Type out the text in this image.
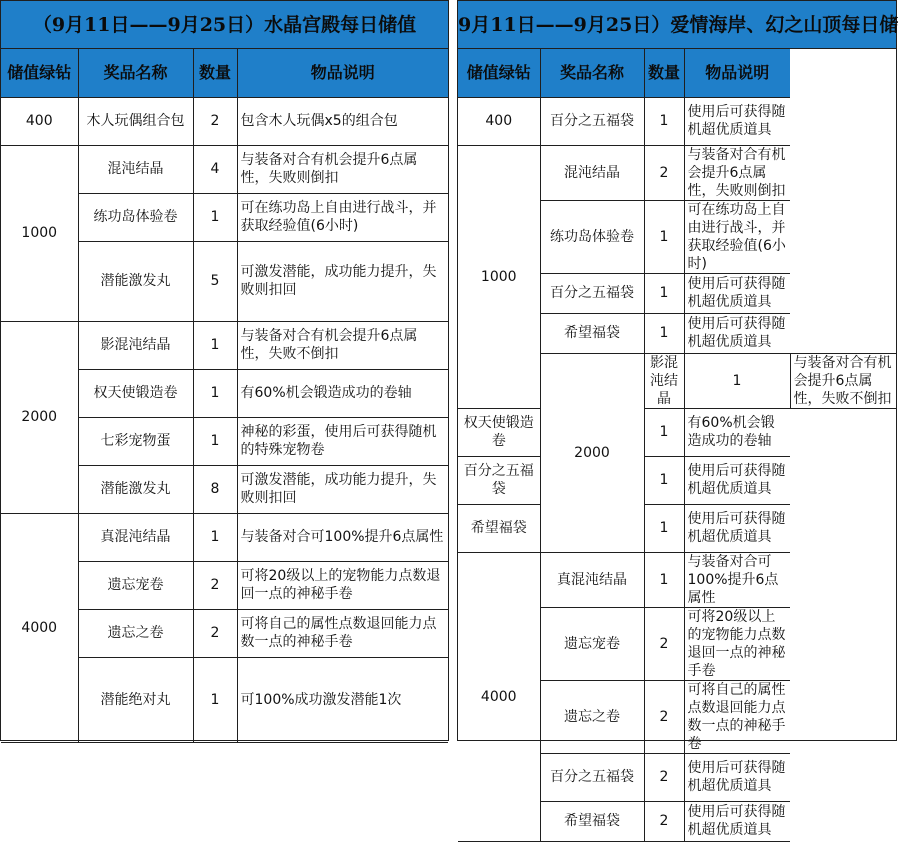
（9月11日——9月25日）水晶宫殿每日储值
储值绿钻	奖品名称	数量	物品说明
400	木人玩偶组合包	2	包含木人玩偶x5的组合包
1000	混沌结晶	4	与装备对合有机会提升6点属性，失败则倒扣
	练功岛体验卷	1	可在练功岛上自由进行战斗，并获取经验值(6小时)
	潜能激发丸	5	可激发潜能，成功能力提升，失败则扣回
2000	影混沌结晶	1	与装备对合有机会提升6点属性，失败不倒扣
	权天使锻造卷	1	有60%机会锻造成功的卷轴
	七彩宠物蛋	1	神秘的彩蛋，使用后可获得随机的特殊宠物卷
	潜能激发丸	8	可激发潜能，成功能力提升，失败则扣回
4000	真混沌结晶	1	与装备对合可100%提升6点属性
	遗忘宠卷	2	可将20级以上的宠物能力点数退回一点的神秘手卷
	遗忘之卷	2	可将自己的属性点数退回能力点数一点的神秘手卷
	潜能绝对丸	1	可100%成功激发潜能1次
9月11日——9月25日）爱情海岸、幻之山顶每日储
储值绿钻	奖品名称	数量	物品说明	
400	百分之五福袋	1	使用后可获得随机超优质道具	
1000	混沌结晶	2	与装备对合有机会提升6点属性，失败则倒扣	
	练功岛体验卷	1	可在练功岛上自由进行战斗，并获取经验值(6小时)	
	百分之五福袋	1	使用后可获得随机超优质道具	
	希望福袋	1	使用后可获得随机超优质道具	
	2000	影混沌结晶	1	与装备对合有机会提升6点属性，失败不倒扣
权天使锻造卷		1	有60%机会锻造成功的卷轴	
百分之五福袋		1	使用后可获得随机超优质道具	
希望福袋		1	使用后可获得随机超优质道具	
4000	真混沌结晶	1	与装备对合可100%提升6点属性	
	遗忘宠卷	2	可将20级以上的宠物能力点数退回一点的神秘手卷	
	遗忘之卷	2	可将自己的属性点数退回能力点数一点的神秘手卷	
	百分之五福袋	2	使用后可获得随机超优质道具	
	希望福袋	2	使用后可获得随机超优质道具	
